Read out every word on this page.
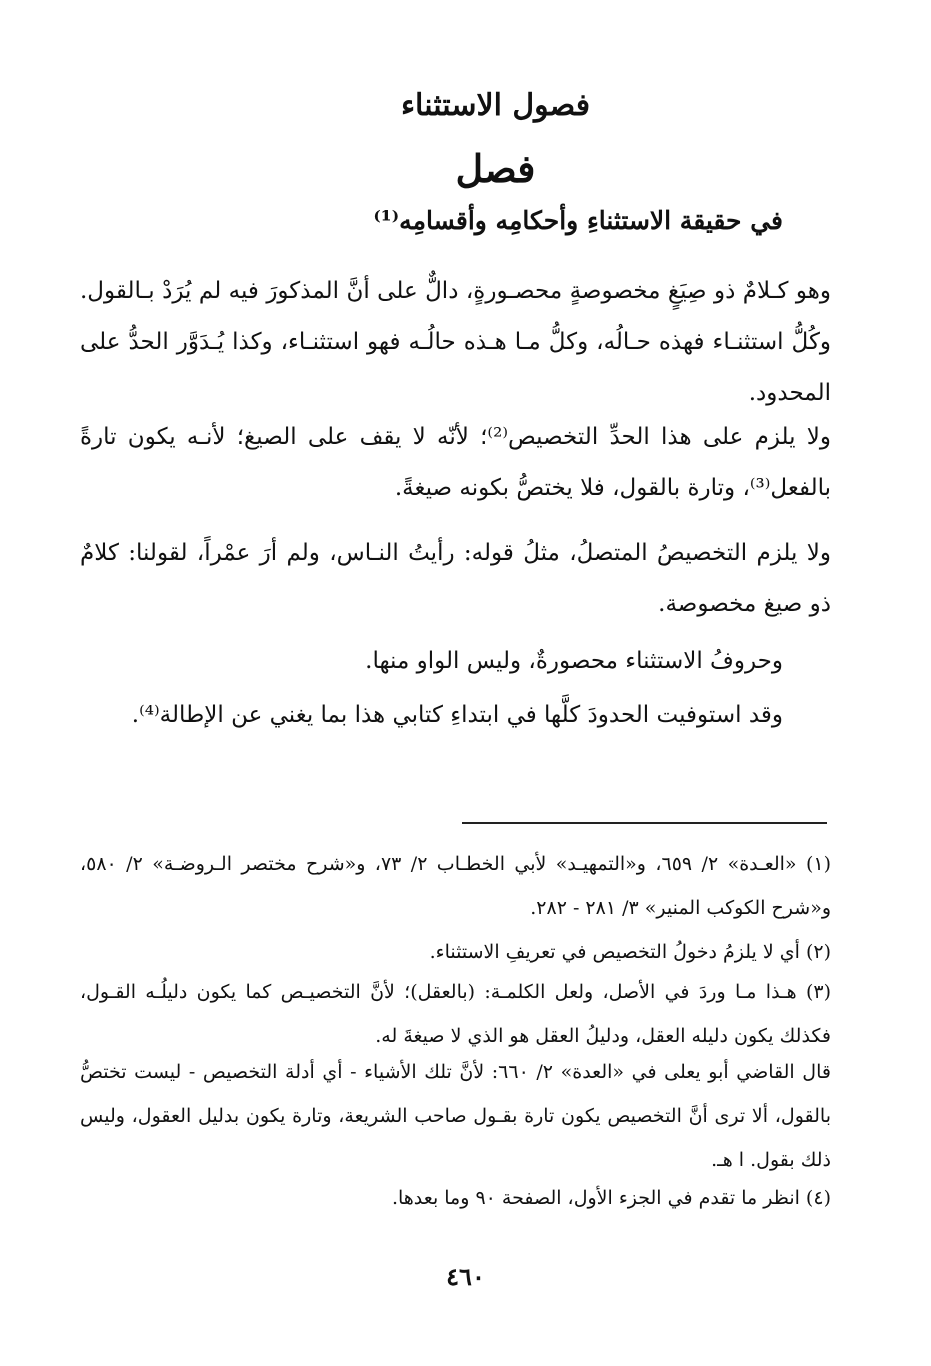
فصول الاستثناء
فصل
في حقيقة الاستثناءِ وأحكامِه وأقسامِه⁽¹⁾

وهو كـلامٌ ذو صِيَغٍ مخصوصةٍ محصـورةٍ، دالٌّ على أنَّ المذكورَ فيه لم يُرَدْ بـالقول. وكُلُّ استثنـاء فهذه حـالُه، وكلُّ مـا هـذه حالُـه فهو استثنـاء، وكذا يُـدَوَّر الحدُّ على المحدود.

ولا يلزم على هذا الحدِّ التخصيص⁽²⁾؛ لأنّه لا يقف على الصيغ؛ لأنـه يكون تارةً بالفعل⁽³⁾، وتارة بالقول، فلا يختصُّ بكونه صيغةً.

ولا يلزم التخصيصُ المتصلُ، مثلُ قوله: رأيتُ النـاس، ولم أرَ عمْراً، لقولنا: كلامٌ ذو صيغ مخصوصة.

وحروفُ الاستثناء محصورةٌ، وليس الواو منها.

وقد استوفيت الحدودَ كلَّها في ابتداءِ كتابي هذا بما يغني عن الإطالة⁽⁴⁾.

(١) «العـدة» ٢/ ٦٥٩، و«التمهيـد» لأبي الخطـاب ٢/ ٧٣، و«شرح مختصر الـروضـة» ٢/ ٥٨٠، و«شرح الكوكب المنير» ٣/ ٢٨١ - ٢٨٢.

(٢) أي لا يلزمُ دخولُ التخصيص في تعريفِ الاستثناء.

(٣) هـذا مـا وردَ في الأصل، ولعل الكلمـة: (بالعقل)؛ لأنَّ التخصيـص كما يكون دليلُـه القـول، فكذلك يكون دليله العقل، ودليلُ العقل هو الذي لا صيغةَ له.

قال القاضي أبو يعلى في «العدة» ٢/ ٦٦٠: لأنَّ تلك الأشياء - أي أدلة التخصيص - ليست تختصُّ بالقول، ألا ترى أنَّ التخصيص يكون تارة بقـول صاحب الشريعة، وتارة يكون بدليل العقول، وليس ذلك بقول. ا هـ.

(٤) انظر ما تقدم في الجزء الأول، الصفحة ٩٠ وما بعدها.

٤٦٠
